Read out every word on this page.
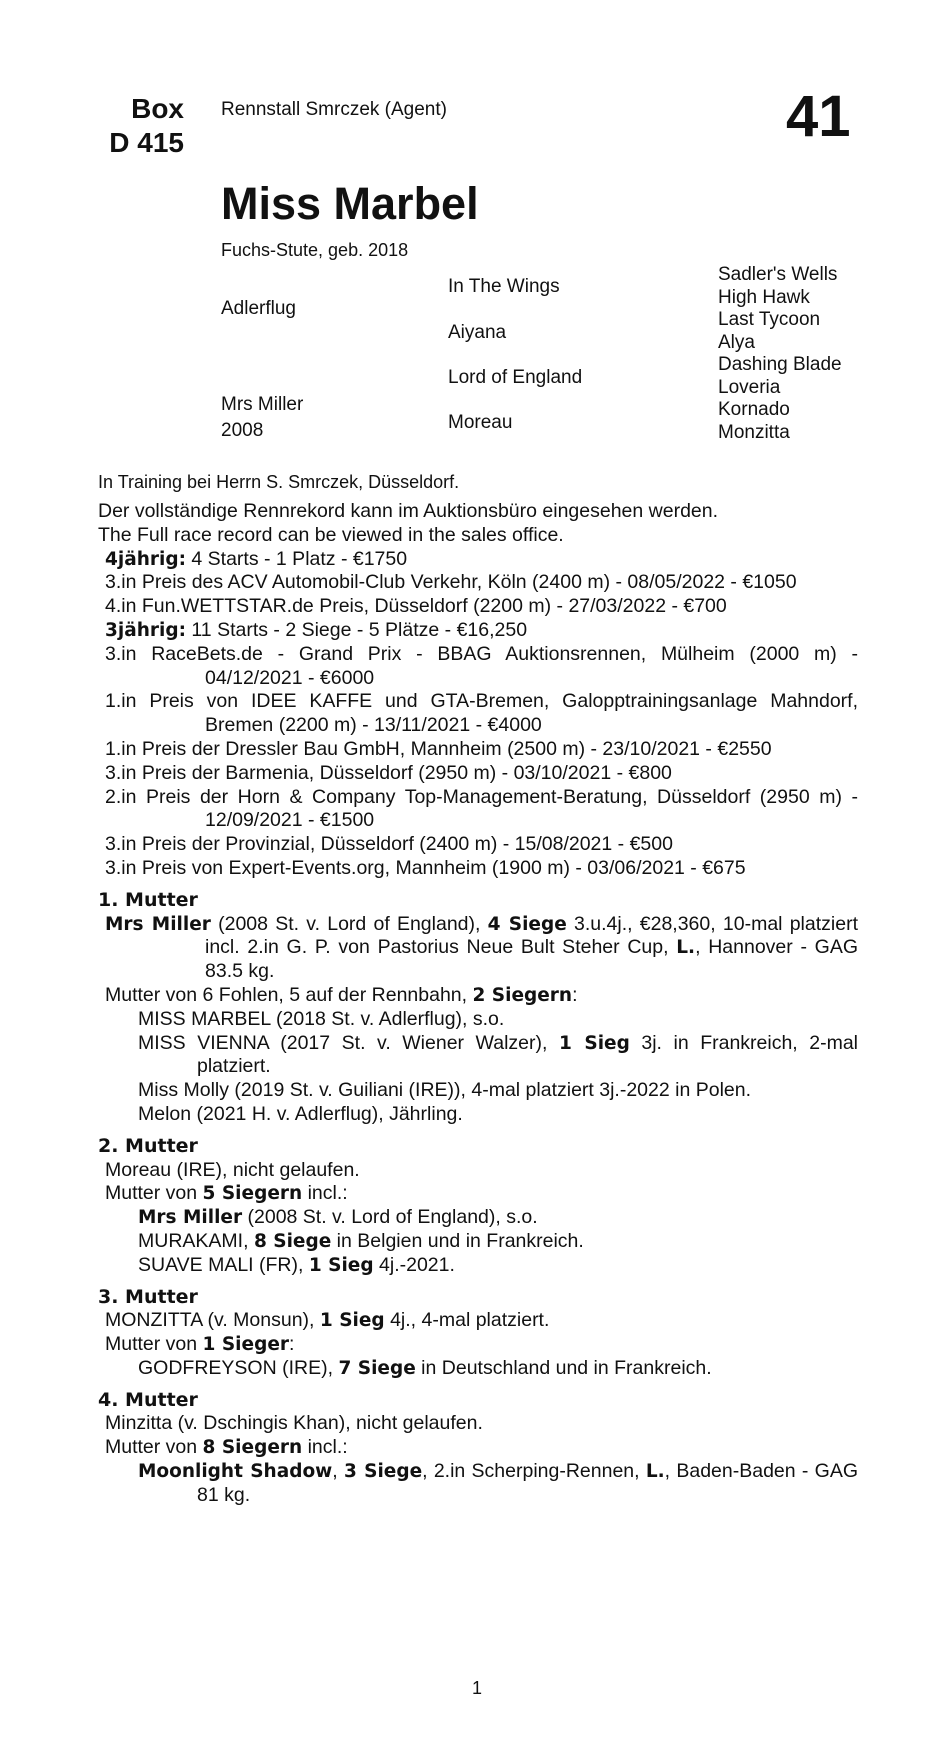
Box
D 415
Rennstall Smrczek (Agent)	41
Miss Marbel
Fuchs-Stute, geb. 2018
Adlerflug
Mrs Miller
2008
In The Wings
Aiyana
Lord of England
Moreau
Sadler's Wells
High Hawk
Last Tycoon
Alya
Dashing Blade
Loveria
Kornado
Monzitta
In Training bei Herrn S. Smrczek, Düsseldorf.

Der vollständige Rennrekord kann im Auktionsbüro eingesehen werden.

The Full race record can be viewed in the sales office.

4jährig: 4 Starts - 1 Platz - €1750

3.in Preis des ACV Automobil-Club Verkehr, Köln (2400 m) - 08/05/2022 - €1050

4.in Fun.WETTSTAR.de Preis, Düsseldorf (2200 m) - 27/03/2022 - €700

3jährig: 11 Starts - 2 Siege - 5 Plätze - €16,250

3.in RaceBets.de - Grand Prix - BBAG Auktionsrennen, Mülheim (2000 m) - 04/12/2021 - €6000

1.in Preis von IDEE KAFFE und GTA-Bremen, Galopptrainingsanlage Mahndorf, Bremen (2200 m) - 13/11/2021 - €4000

1.in Preis der Dressler Bau GmbH, Mannheim (2500 m) - 23/10/2021 - €2550

3.in Preis der Barmenia, Düsseldorf (2950 m) - 03/10/2021 - €800

2.in Preis der Horn & Company Top-Management-Beratung, Düsseldorf (2950 m) - 12/09/2021 - €1500

3.in Preis der Provinzial, Düsseldorf (2400 m) - 15/08/2021 - €500

3.in Preis von Expert-Events.org, Mannheim (1900 m) - 03/06/2021 - €675

1. Mutter

Mrs Miller (2008 St. v. Lord of England), 4 Siege 3.u.4j., €28,360, 10-mal platziert incl. 2.in G. P. von Pastorius Neue Bult Steher Cup, L., Hannover - GAG 83.5 kg.

Mutter von 6 Fohlen, 5 auf der Rennbahn, 2 Siegern:

MISS MARBEL (2018 St. v. Adlerflug), s.o.

MISS VIENNA (2017 St. v. Wiener Walzer), 1 Sieg 3j. in Frankreich, 2-mal platziert.

Miss Molly (2019 St. v. Guiliani (IRE)), 4-mal platziert 3j.-2022 in Polen.

Melon (2021 H. v. Adlerflug), Jährling.

2. Mutter

Moreau (IRE), nicht gelaufen.

Mutter von 5 Siegern incl.:

Mrs Miller (2008 St. v. Lord of England), s.o.

MURAKAMI, 8 Siege in Belgien und in Frankreich.

SUAVE MALI (FR), 1 Sieg 4j.-2021.

3. Mutter

MONZITTA (v. Monsun), 1 Sieg 4j., 4-mal platziert.

Mutter von 1 Sieger:

GODFREYSON (IRE), 7 Siege in Deutschland und in Frankreich.

4. Mutter

Minzitta (v. Dschingis Khan), nicht gelaufen.

Mutter von 8 Siegern incl.:

Moonlight Shadow, 3 Siege, 2.in Scherping-Rennen, L., Baden-Baden - GAG 81 kg.

1
